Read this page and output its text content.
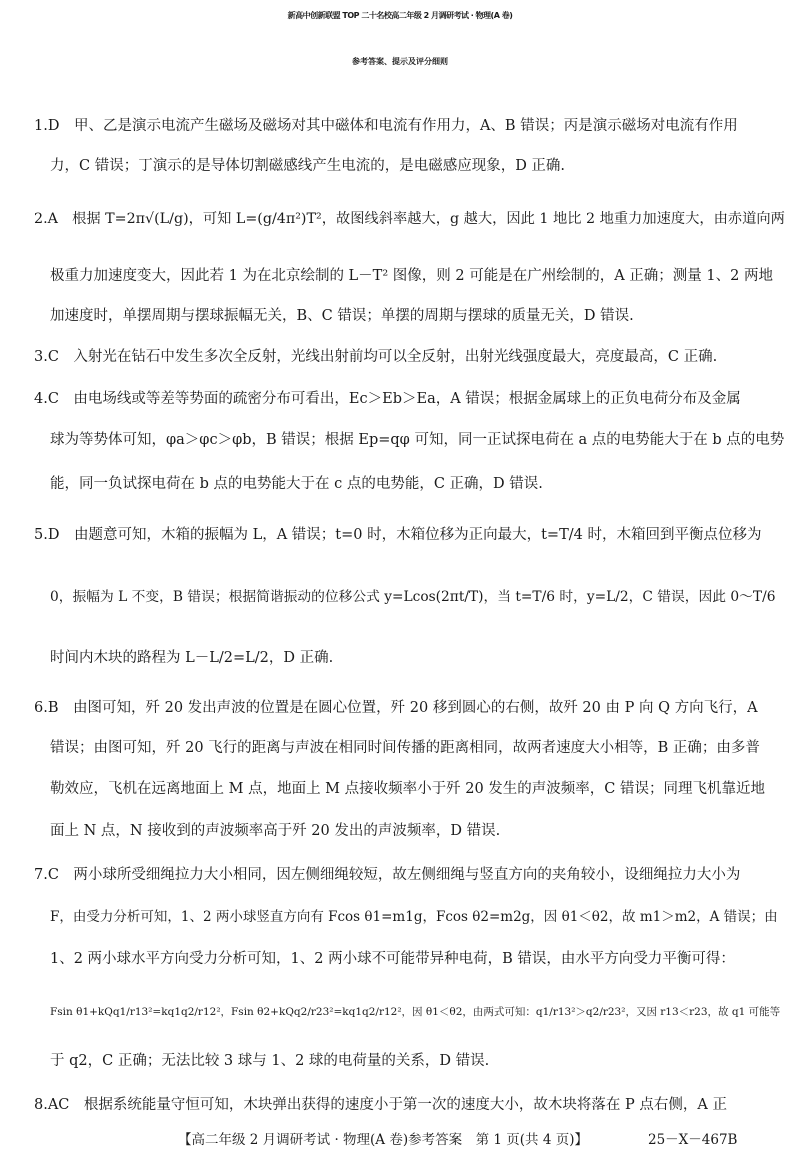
新高中创新联盟 TOP 二十名校高二年级 2 月调研考试 · 物理(A 卷)
参考答案、提示及评分细则
1.D　甲、乙是演示电流产生磁场及磁场对其中磁体和电流有作用力，A、B 错误；丙是演示磁场对电流有作用
力，C 错误；丁演示的是导体切割磁感线产生电流的，是电磁感应现象，D 正确.
2.A　根据 T=2π√(L/g)，可知 L=(g/4π²)T²，故图线斜率越大，g 越大，因此 1 地比 2 地重力加速度大，由赤道向两
极重力加速度变大，因此若 1 为在北京绘制的 L－T² 图像，则 2 可能是在广州绘制的，A 正确；测量 1、2 两地
加速度时，单摆周期与摆球振幅无关，B、C 错误；单摆的周期与摆球的质量无关，D 错误.
3.C　入射光在钻石中发生多次全反射，光线出射前均可以全反射，出射光线强度最大，亮度最高，C 正确.
4.C　由电场线或等差等势面的疏密分布可看出，Ec＞Eb＞Ea，A 错误；根据金属球上的正负电荷分布及金属
球为等势体可知，φa＞φc＞φb，B 错误；根据 Ep=qφ 可知，同一正试探电荷在 a 点的电势能大于在 b 点的电势
能，同一负试探电荷在 b 点的电势能大于在 c 点的电势能，C 正确，D 错误.
5.D　由题意可知，木箱的振幅为 L，A 错误；t=0 时，木箱位移为正向最大，t=T/4 时，木箱回到平衡点位移为
0，振幅为 L 不变，B 错误；根据简谐振动的位移公式 y=Lcos(2πt/T)，当 t=T/6 时，y=L/2，C 错误，因此 0～T/6
时间内木块的路程为 L－L/2=L/2，D 正确.
6.B　由图可知，歼 20 发出声波的位置是在圆心位置，歼 20 移到圆心的右侧，故歼 20 由 P 向 Q 方向飞行，A
错误；由图可知，歼 20 飞行的距离与声波在相同时间传播的距离相同，故两者速度大小相等，B 正确；由多普
勒效应，飞机在远离地面上 M 点，地面上 M 点接收频率小于歼 20 发生的声波频率，C 错误；同理飞机靠近地
面上 N 点，N 接收到的声波频率高于歼 20 发出的声波频率，D 错误.
7.C　两小球所受细绳拉力大小相同，因左侧细绳较短，故左侧细绳与竖直方向的夹角较小，设细绳拉力大小为
F，由受力分析可知，1、2 两小球竖直方向有 Fcos θ1=m1g，Fcos θ2=m2g，因 θ1＜θ2，故 m1＞m2，A 错误；由
1、2 两小球水平方向受力分析可知，1、2 两小球不可能带异种电荷，B 错误，由水平方向受力平衡可得：
Fsin θ1+kQq1/r13²=kq1q2/r12²，Fsin θ2+kQq2/r23²=kq1q2/r12²，因 θ1＜θ2，由两式可知：q1/r13²＞q2/r23²，又因 r13＜r23，故 q1 可能等
于 q2，C 正确；无法比较 3 球与 1、2 球的电荷量的关系，D 错误.
8.AC　根据系统能量守恒可知，木块弹出获得的速度小于第一次的速度大小，故木块将落在 P 点右侧，A 正
【高二年级 2 月调研考试 · 物理(A 卷)参考答案　第 1 页(共 4 页)】	25－X－467B
